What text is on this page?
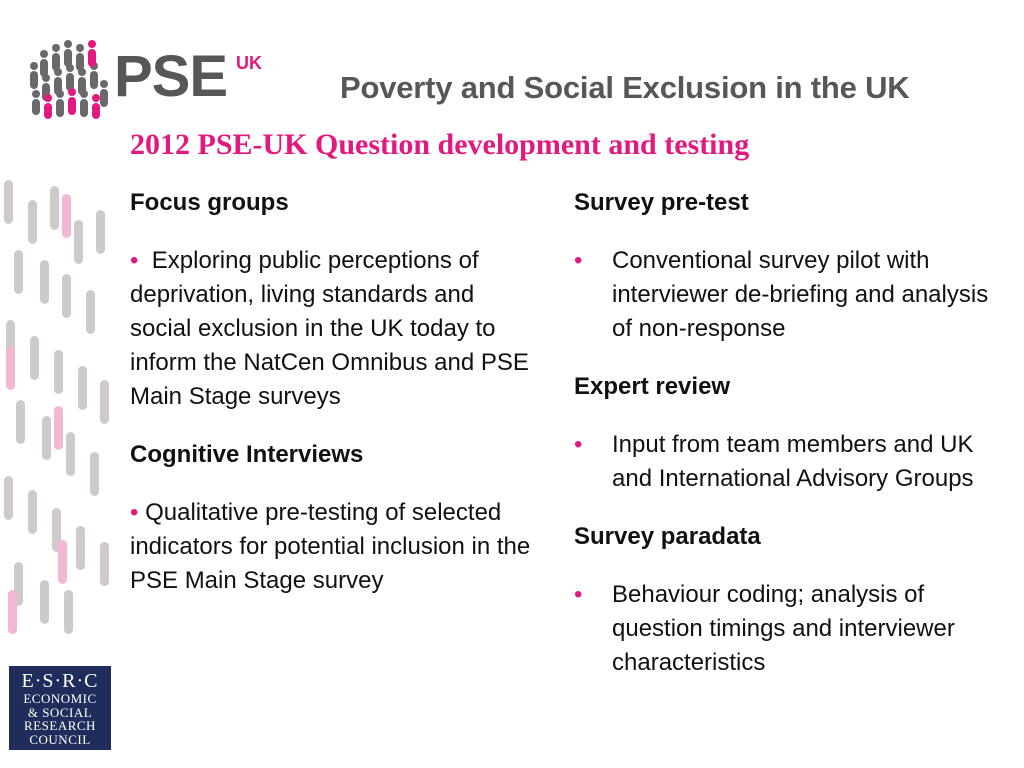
PSE UK
Poverty and Social Exclusion in the UK
2012 PSE-UK Question development and testing

Focus groups

• Exploring public perceptions of deprivation, living standards and social exclusion in the UK today to inform the NatCen Omnibus and PSE Main Stage surveys

Cognitive Interviews

• Qualitative pre-testing of selected indicators for potential inclusion in the PSE Main Stage survey

Survey pre-test

• Conventional survey pilot with interviewer de-briefing and analysis of non-response

Expert review

• Input from team members and UK and International Advisory Groups

Survey paradata

• Behaviour coding; analysis of question timings and interviewer characteristics
E·S·R·C
ECONOMIC
& SOCIAL
RESEARCH
COUNCIL
